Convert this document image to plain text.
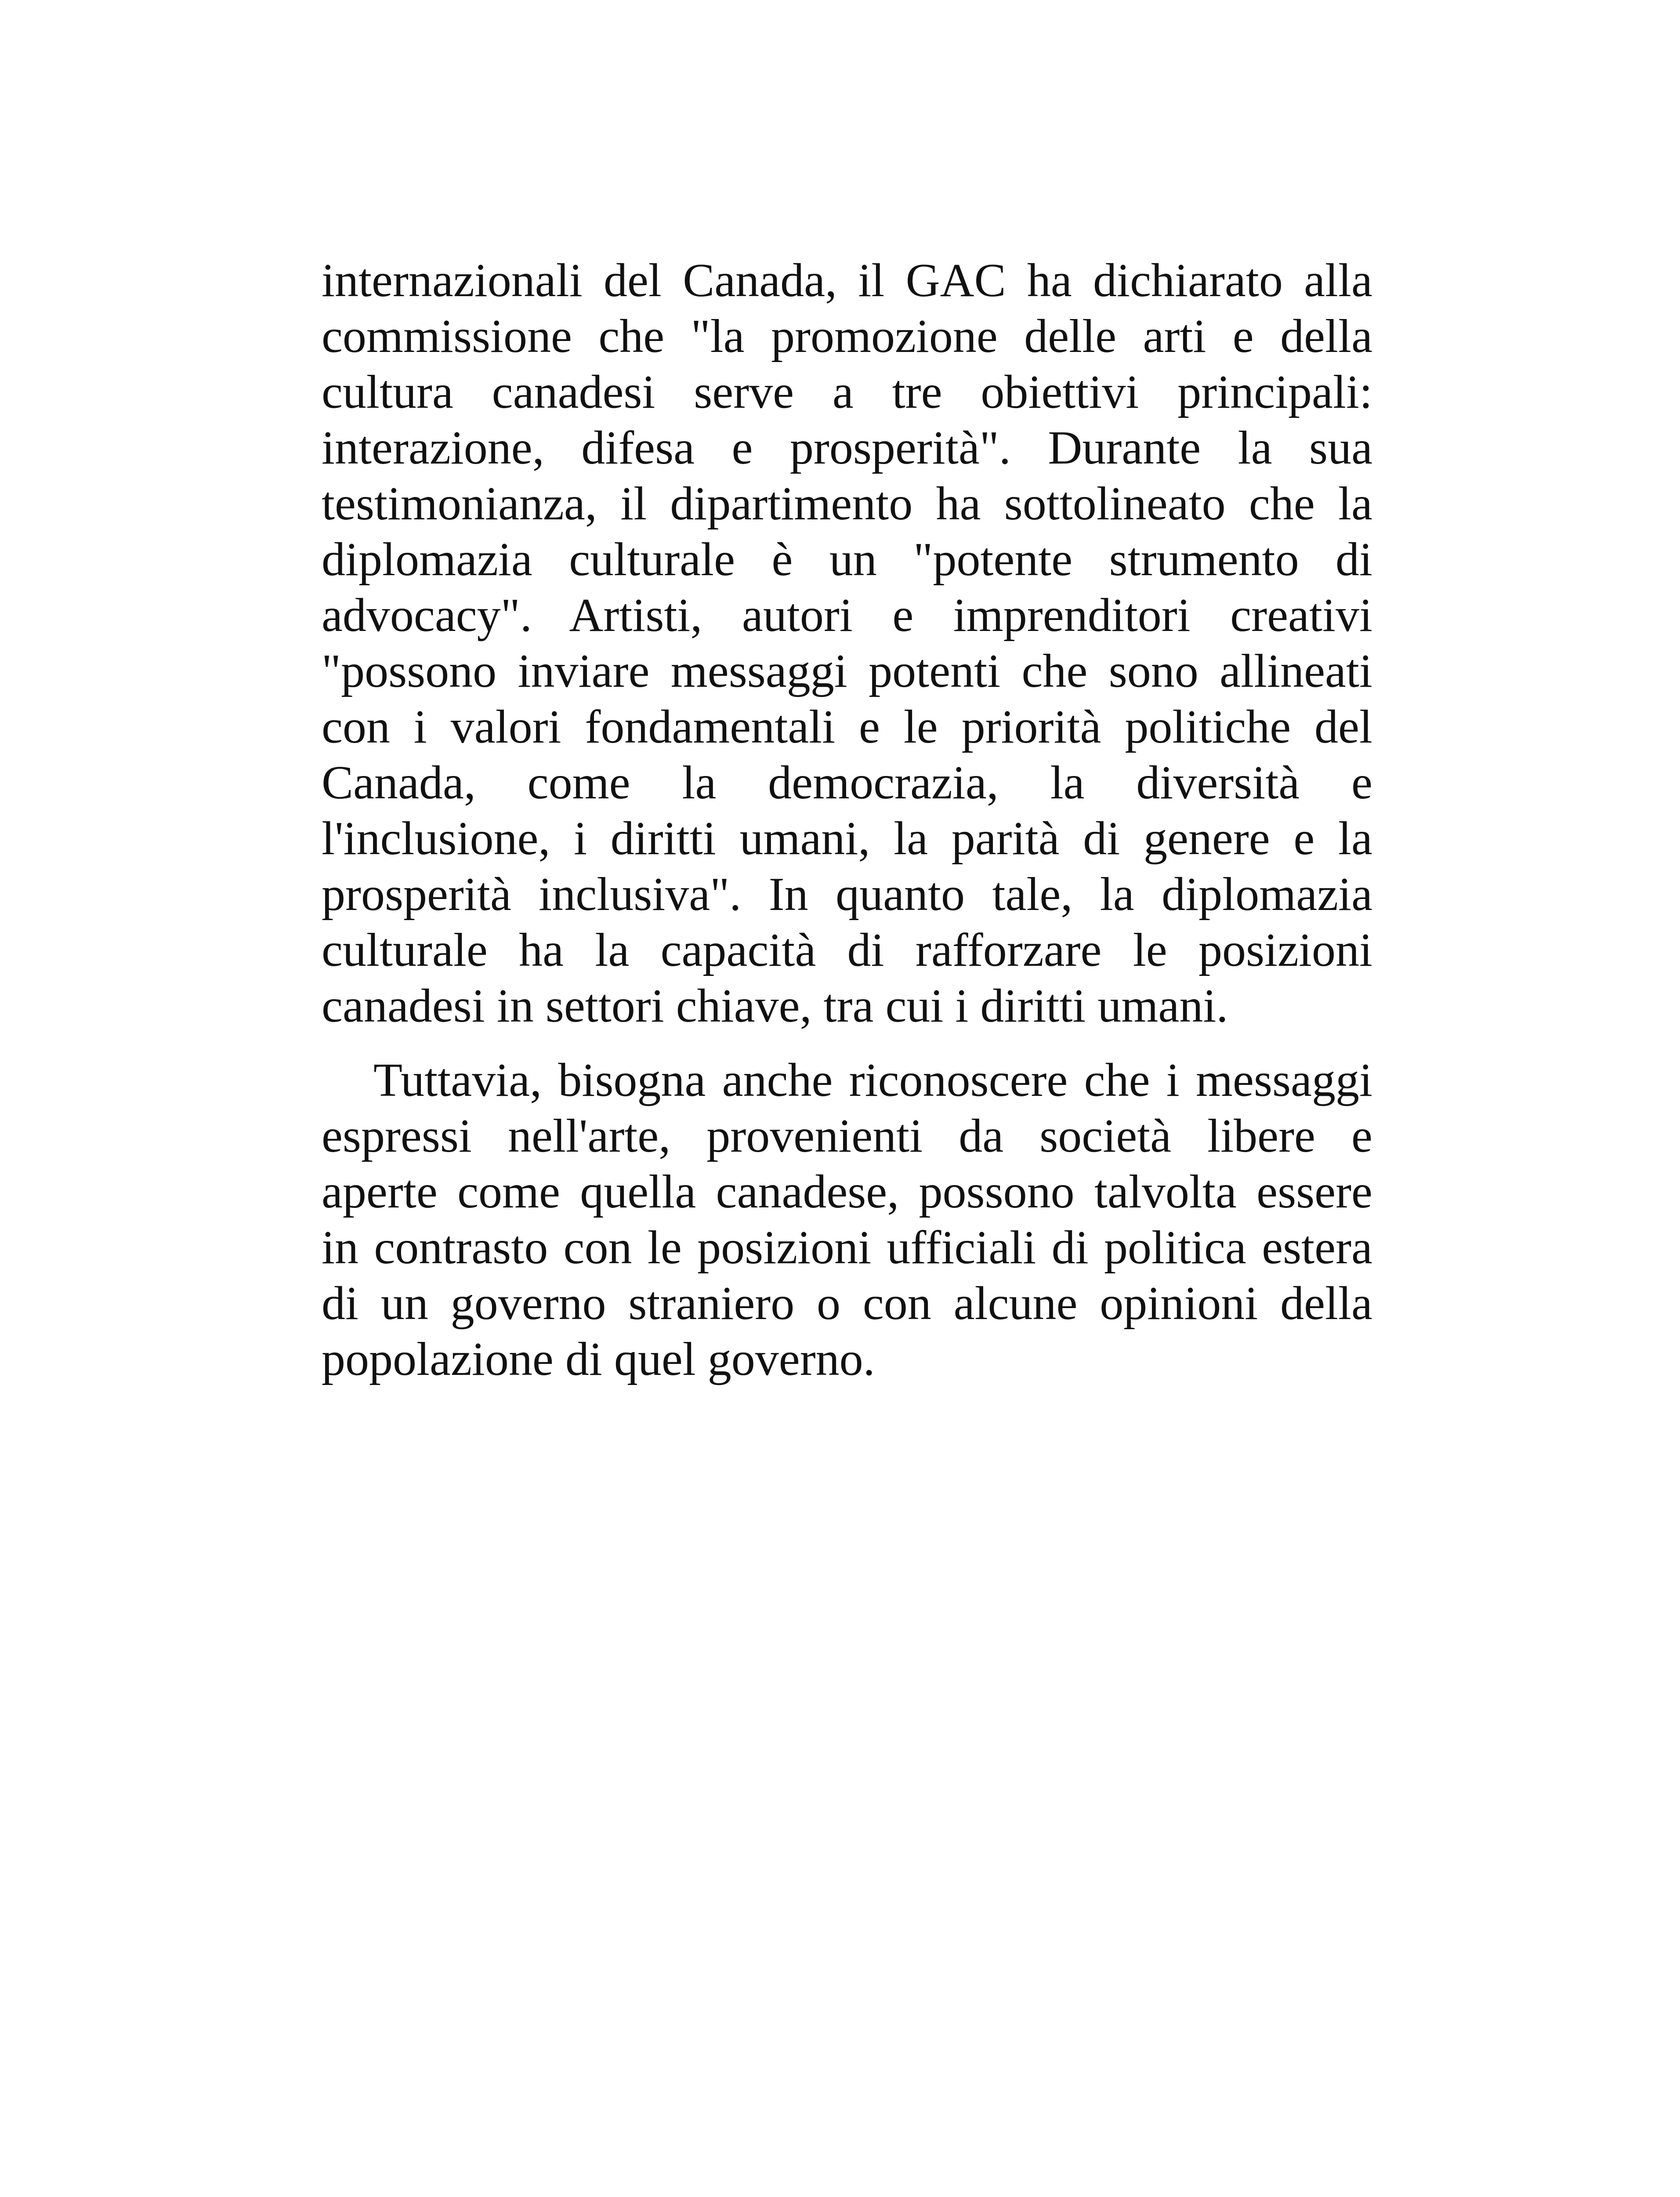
internazionali del Canada, il GAC ha dichiarato alla
commissione che "la promozione delle arti e della
cultura canadesi serve a tre obiettivi principali:
interazione, difesa e prosperità". Durante la sua
testimonianza, il dipartimento ha sottolineato che la
diplomazia culturale è un "potente strumento di
advocacy". Artisti, autori e imprenditori creativi
"possono inviare messaggi potenti che sono allineati
con i valori fondamentali e le priorità politiche del
Canada, come la democrazia, la diversità e
l'inclusione, i diritti umani, la parità di genere e la
prosperità inclusiva". In quanto tale, la diplomazia
culturale ha la capacità di rafforzare le posizioni
canadesi in settori chiave, tra cui i diritti umani.
Tuttavia, bisogna anche riconoscere che i messaggi
espressi nell'arte, provenienti da società libere e
aperte come quella canadese, possono talvolta essere
in contrasto con le posizioni ufficiali di politica estera
di un governo straniero o con alcune opinioni della
popolazione di quel governo.
